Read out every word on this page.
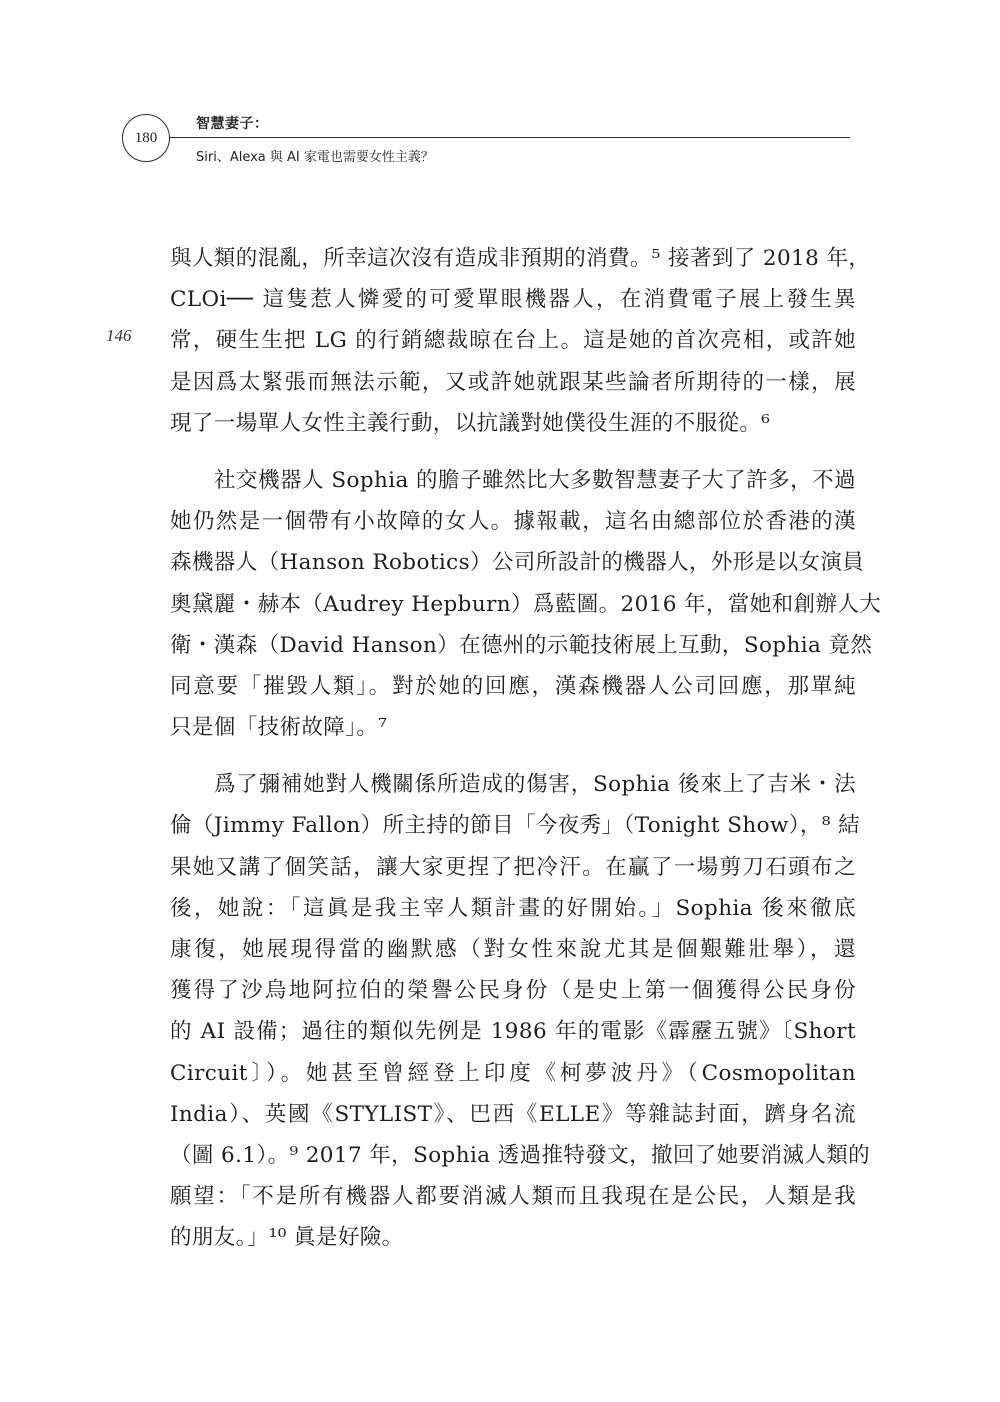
180
智慧妻子：
Siri、Alexa 與 AI 家電也需要女性主義？
146
與人類的混亂，所幸這次沒有造成非預期的消費。⁵ 接著到了 2018 年，
CLOi── 這隻惹人憐愛的可愛單眼機器人，在消費電子展上發生異
常，硬生生把 LG 的行銷總裁晾在台上。這是她的首次亮相，或許她
是因爲太緊張而無法示範，又或許她就跟某些論者所期待的一樣，展
現了一場單人女性主義行動，以抗議對她僕役生涯的不服從。⁶
社交機器人 Sophia 的膽子雖然比大多數智慧妻子大了許多，不過
她仍然是一個帶有小故障的女人。據報載，這名由總部位於香港的漢
森機器人（Hanson Robotics）公司所設計的機器人，外形是以女演員
奧黛麗・赫本（Audrey Hepburn）爲藍圖。2016 年，當她和創辦人大
衛・漢森（David Hanson）在德州的示範技術展上互動，Sophia 竟然
同意要「摧毀人類」。對於她的回應，漢森機器人公司回應，那單純
只是個「技術故障」。⁷
爲了彌補她對人機關係所造成的傷害，Sophia 後來上了吉米・法
倫（Jimmy Fallon）所主持的節目「今夜秀」（Tonight Show），⁸ 結
果她又講了個笑話，讓大家更捏了把冷汗。在贏了一場剪刀石頭布之
後，她說：「這眞是我主宰人類計畫的好開始。」Sophia 後來徹底
康復，她展現得當的幽默感（對女性來說尤其是個艱難壯舉），還
獲得了沙烏地阿拉伯的榮譽公民身份（是史上第一個獲得公民身份
的 AI 設備；過往的類似先例是 1986 年的電影《霹靂五號》〔Short
Circuit〕）。她甚至曾經登上印度《柯夢波丹》（Cosmopolitan
India）、英國《STYLIST》、巴西《ELLE》等雜誌封面，躋身名流
（圖 6.1）。⁹ 2017 年，Sophia 透過推特發文，撤回了她要消滅人類的
願望：「不是所有機器人都要消滅人類而且我現在是公民，人類是我
的朋友。」¹⁰ 眞是好險。
